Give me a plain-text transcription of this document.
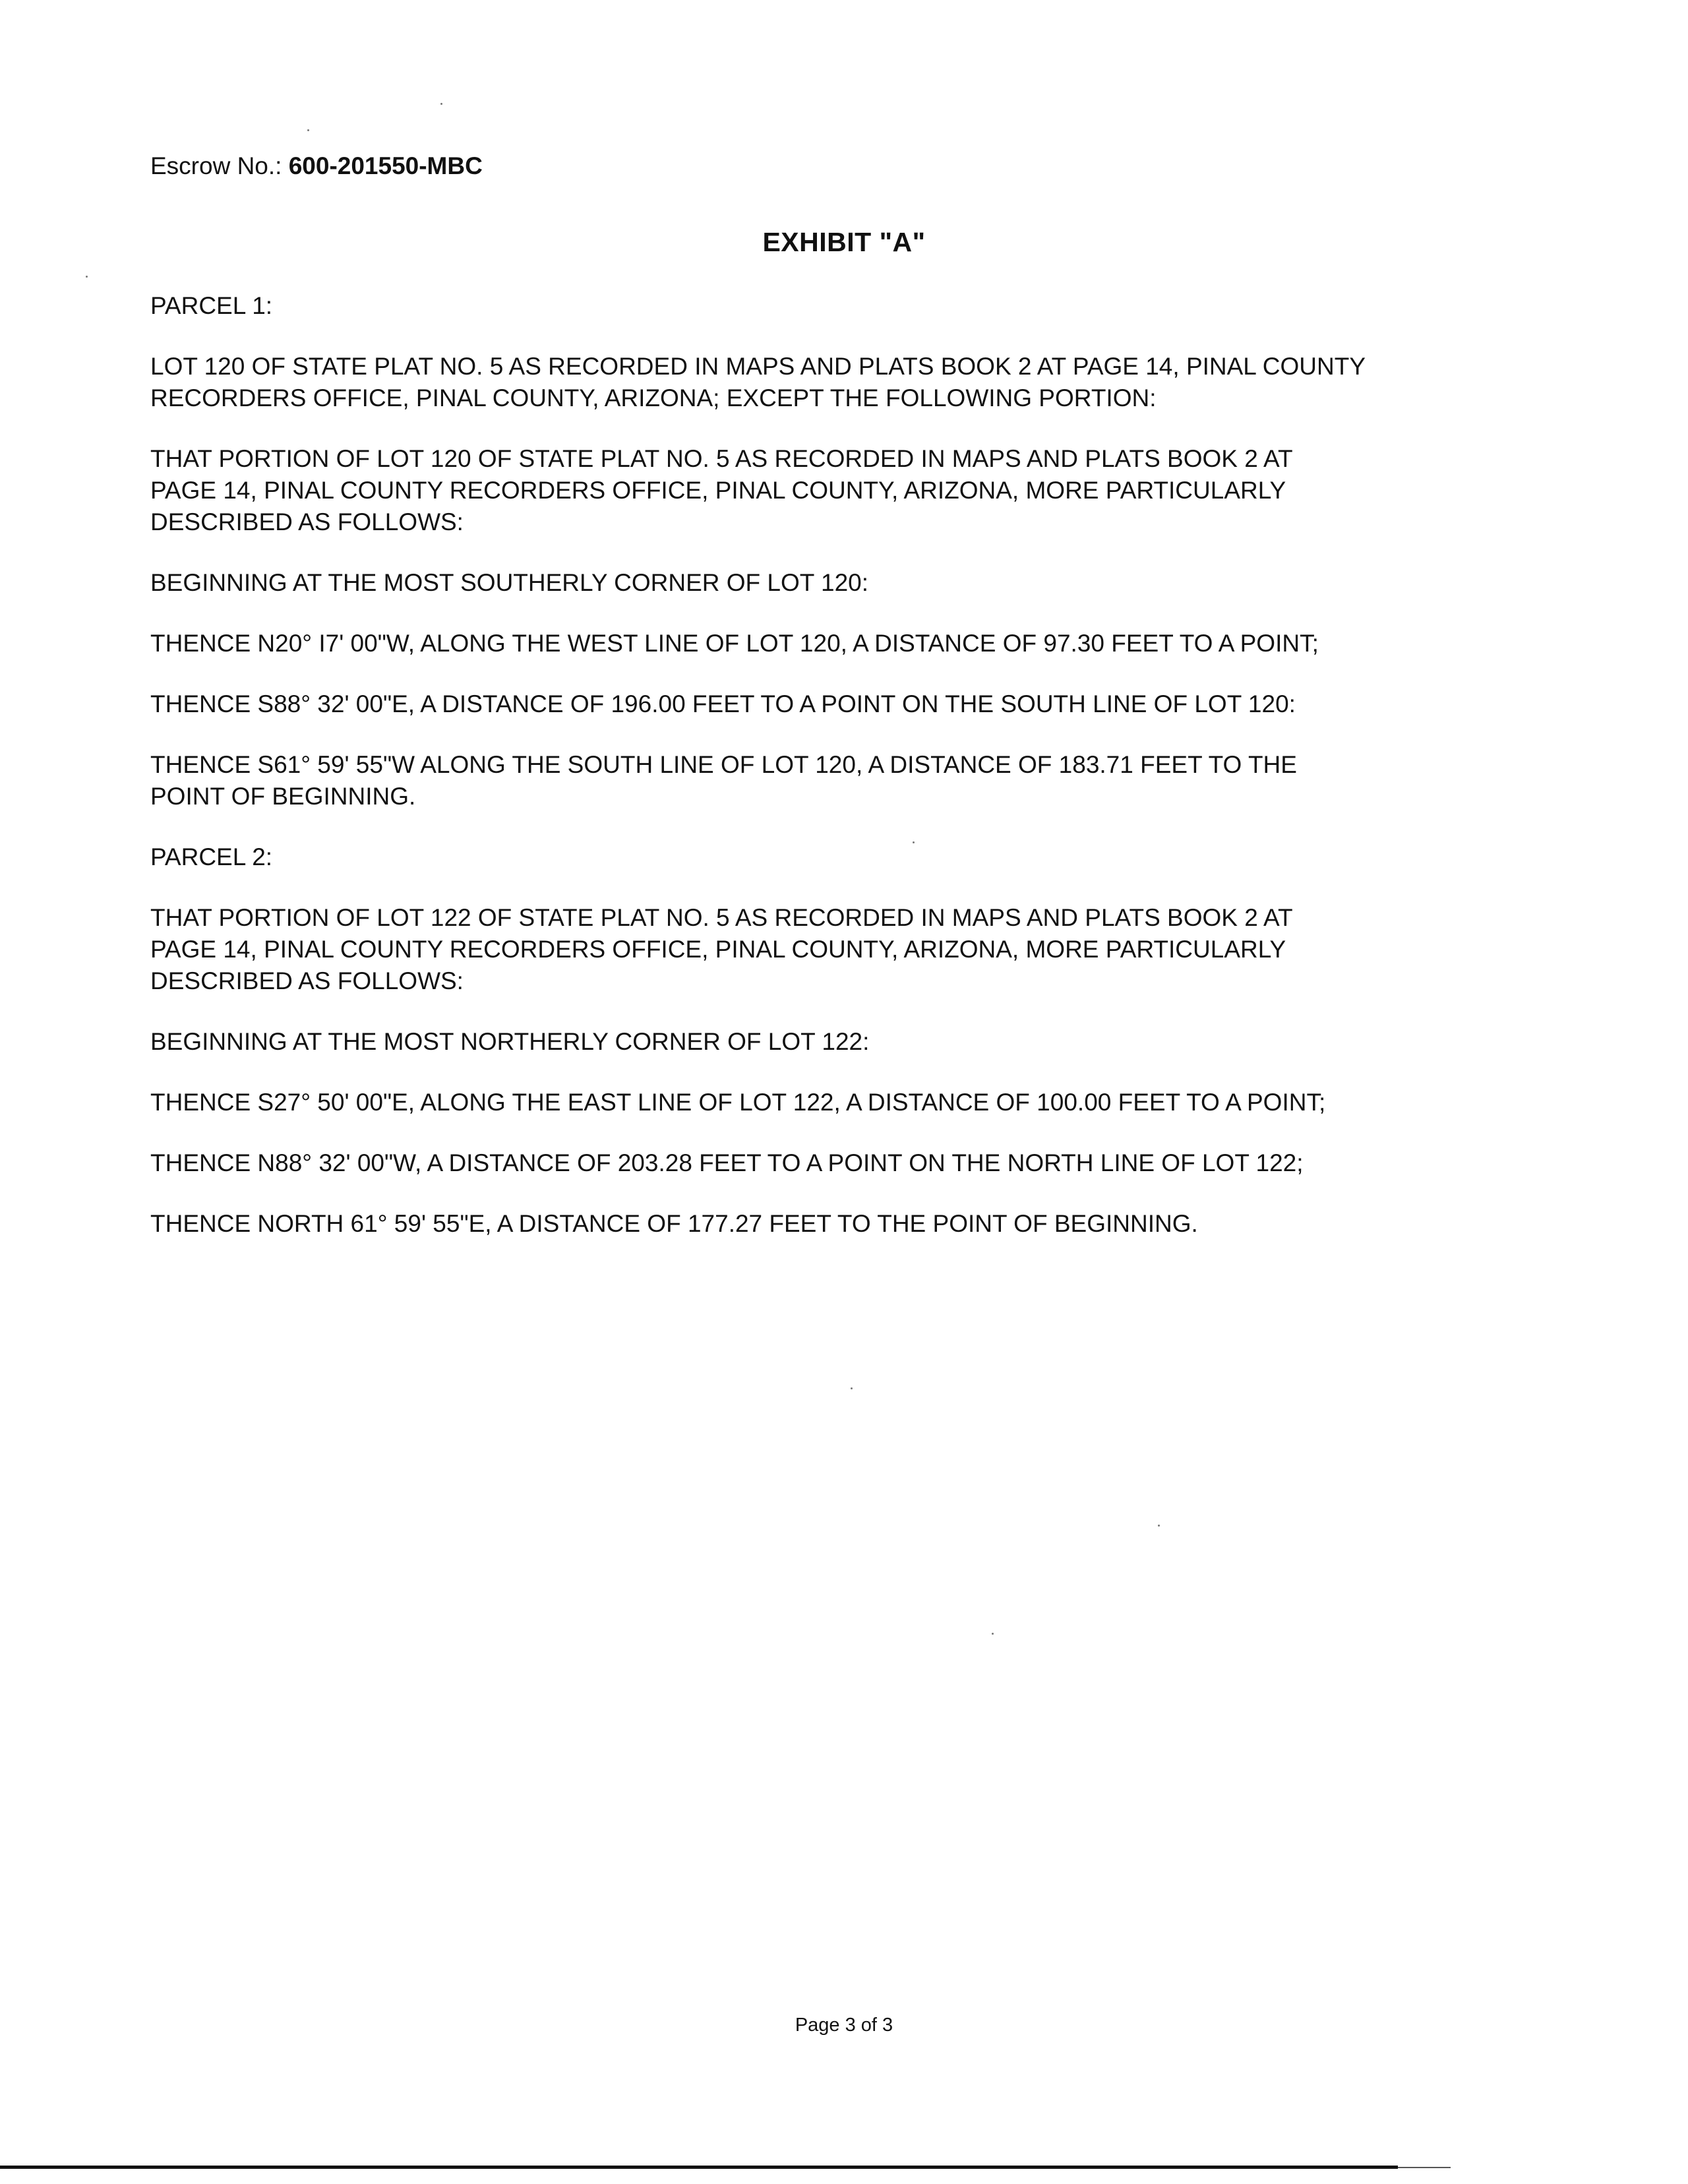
Escrow No.: 600-201550-MBC
EXHIBIT "A"

PARCEL 1:

LOT 120 OF STATE PLAT NO. 5 AS RECORDED IN MAPS AND PLATS BOOK 2 AT PAGE 14, PINAL COUNTY
RECORDERS OFFICE, PINAL COUNTY, ARIZONA; EXCEPT THE FOLLOWING PORTION:

THAT PORTION OF LOT 120 OF STATE PLAT NO. 5 AS RECORDED IN MAPS AND PLATS BOOK 2 AT
PAGE 14, PINAL COUNTY RECORDERS OFFICE, PINAL COUNTY, ARIZONA, MORE PARTICULARLY
DESCRIBED AS FOLLOWS:

BEGINNING AT THE MOST SOUTHERLY CORNER OF LOT 120:

THENCE N20° I7' 00"W, ALONG THE WEST LINE OF LOT 120, A DISTANCE OF 97.30 FEET TO A POINT;

THENCE S88° 32' 00"E, A DISTANCE OF 196.00 FEET TO A POINT ON THE SOUTH LINE OF LOT 120:

THENCE S61° 59' 55"W ALONG THE SOUTH LINE OF LOT 120, A DISTANCE OF 183.71 FEET TO THE
POINT OF BEGINNING.

PARCEL 2:

THAT PORTION OF LOT 122 OF STATE PLAT NO. 5 AS RECORDED IN MAPS AND PLATS BOOK 2 AT
PAGE 14, PINAL COUNTY RECORDERS OFFICE, PINAL COUNTY, ARIZONA, MORE PARTICULARLY
DESCRIBED AS FOLLOWS:

BEGINNING AT THE MOST NORTHERLY CORNER OF LOT 122:

THENCE S27° 50' 00"E, ALONG THE EAST LINE OF LOT 122, A DISTANCE OF 100.00 FEET TO A POINT;

THENCE N88° 32' 00"W, A DISTANCE OF 203.28 FEET TO A POINT ON THE NORTH LINE OF LOT 122;

THENCE NORTH 61° 59' 55"E, A DISTANCE OF 177.27 FEET TO THE POINT OF BEGINNING.

Page 3 of 3
